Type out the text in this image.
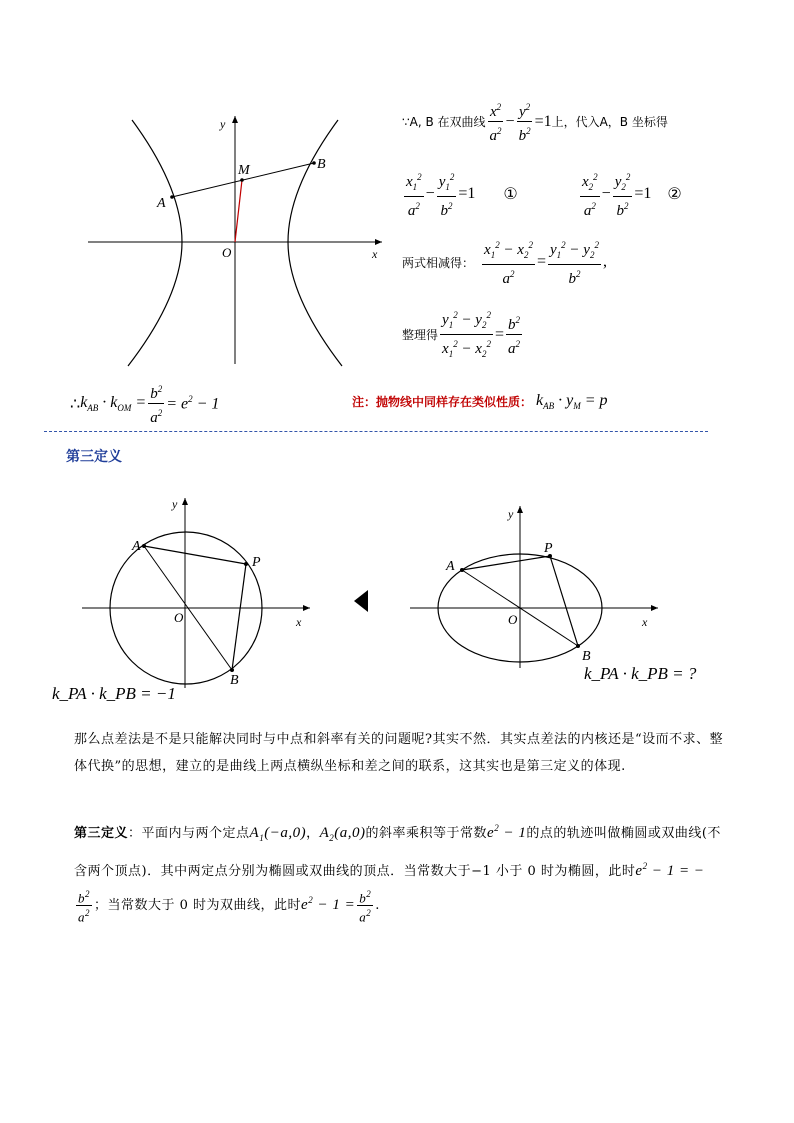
y
x
M	B
A
O
∵A, B 在双曲线 $\frac{x^2}{a^2} - \frac{y^2}{b^2} =1$ 上，代入A，B 坐标得
$\frac{x_1^2}{a^2} - \frac{y_1^2}{b^2} =1$ ①	$\frac{x_2^2}{a^2} - \frac{y_2^2}{b^2} =1$ ②
两式相减得： $\frac{x_1^2 - x_2^2}{a^2} = \frac{y_1^2 - y_2^2}{b^2}$ ,
整理得 $\frac{y_1^2 - y_2^2}{x_1^2 - x_2^2} = \frac{b^2}{a^2}$
∴ $k_{AB} \cdot k_{OM} = \frac{b^2}{a^2} = e^2 - 1$	注：抛物线中同样存在类似性质： $k_{AB} \cdot y_M = p$
第三定义
y
x
A
P
O
B
k_PA · k_PB = −1
y
x
A
P
O
B
k_PA · k_PB = ?
那么点差法是不是只能解决同时与中点和斜率有关的问题呢?其实不然．其实点差法的内核还是“设而不求、整体代换”的思想，建立的是曲线上两点横纵坐标和差之间的联系，这其实也是第三定义的体现.
第三定义：平面内与两个定点$A_1(-a,0)$，$A_2(a,0)$的斜率乘积等于常数$e^2 - 1$的点的轨迹叫做椭圆或双曲线(不含两个顶点)．其中两定点分别为椭圆或双曲线的顶点．当常数大于−1 小于 0 时为椭圆，此时$e^2 - 1$ = −
$\frac{b^2}{a^2}$ ；当常数大于 0 时为双曲线，此时$e^2 - 1 = \frac{b^2}{a^2}$ .
